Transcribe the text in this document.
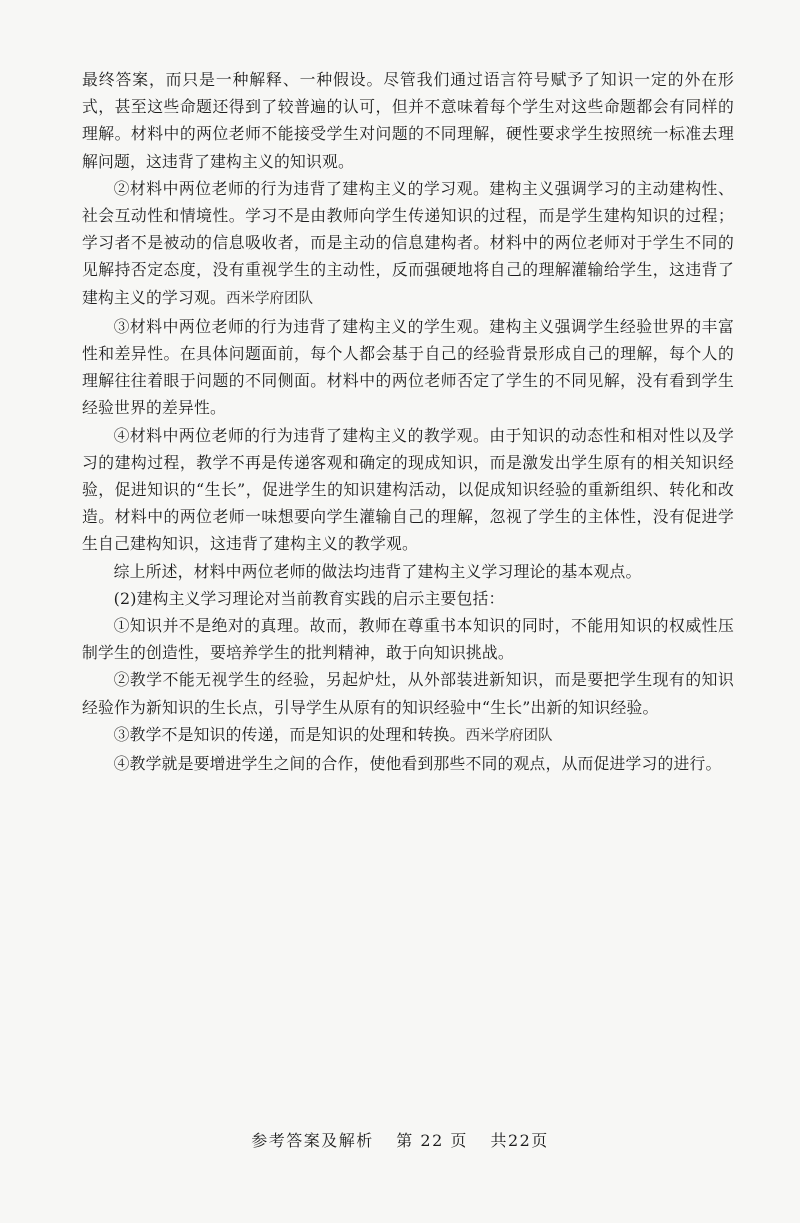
最终答案，而只是一种解释、一种假设。尽管我们通过语言符号赋予了知识一定的外在形式，甚至这些命题还得到了较普遍的认可，但并不意味着每个学生对这些命题都会有同样的理解。材料中的两位老师不能接受学生对问题的不同理解，硬性要求学生按照统一标准去理解问题，这违背了建构主义的知识观。

②材料中两位老师的行为违背了建构主义的学习观。建构主义强调学习的主动建构性、社会互动性和情境性。学习不是由教师向学生传递知识的过程，而是学生建构知识的过程；学习者不是被动的信息吸收者，而是主动的信息建构者。材料中的两位老师对于学生不同的见解持否定态度，没有重视学生的主动性，反而强硬地将自己的理解灌输给学生，这违背了建构主义的学习观。西米学府团队

③材料中两位老师的行为违背了建构主义的学生观。建构主义强调学生经验世界的丰富性和差异性。在具体问题面前，每个人都会基于自己的经验背景形成自己的理解，每个人的理解往往着眼于问题的不同侧面。材料中的两位老师否定了学生的不同见解，没有看到学生经验世界的差异性。

④材料中两位老师的行为违背了建构主义的教学观。由于知识的动态性和相对性以及学习的建构过程，教学不再是传递客观和确定的现成知识，而是激发出学生原有的相关知识经验，促进知识的“生长”，促进学生的知识建构活动，以促成知识经验的重新组织、转化和改造。材料中的两位老师一味想要向学生灌输自己的理解，忽视了学生的主体性，没有促进学生自己建构知识，这违背了建构主义的教学观。

综上所述，材料中两位老师的做法均违背了建构主义学习理论的基本观点。

(2)建构主义学习理论对当前教育实践的启示主要包括：

①知识并不是绝对的真理。故而，教师在尊重书本知识的同时，不能用知识的权威性压制学生的创造性，要培养学生的批判精神，敢于向知识挑战。

②教学不能无视学生的经验，另起炉灶，从外部装进新知识，而是要把学生现有的知识经验作为新知识的生长点，引导学生从原有的知识经验中“生长”出新的知识经验。

③教学不是知识的传递，而是知识的处理和转换。西米学府团队

④教学就是要增进学生之间的合作，使他看到那些不同的观点，从而促进学习的进行。

参考答案及解析 第 22 页 共22页
